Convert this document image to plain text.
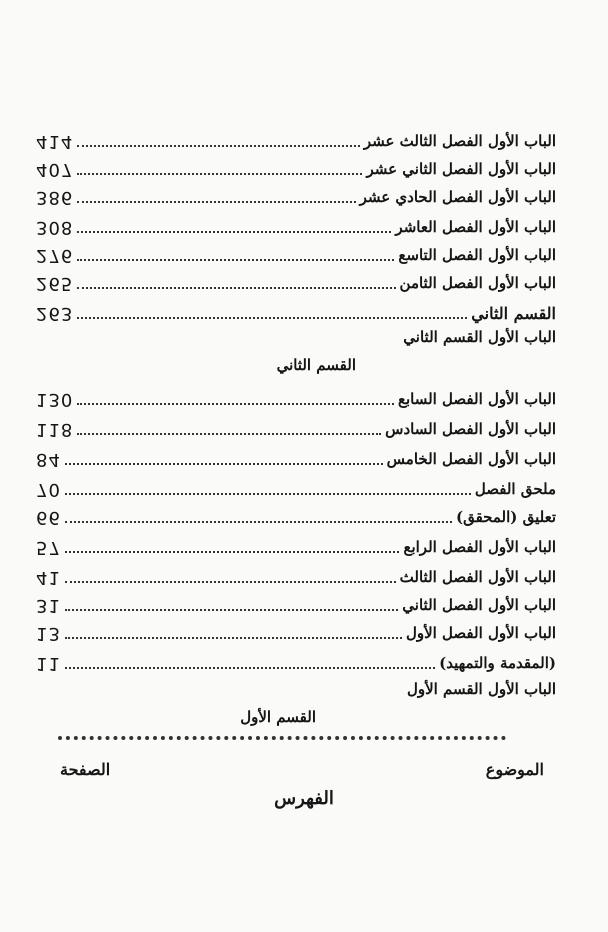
ﺍﻟﺒﺎﺏ ﺍﻷﻭﻝ ﺍﻟﻔﺼﻞ ﺍﻟﺜﺎﻟﺚ ﻋﺸﺮ
414
ﺍﻟﺒﺎﺏ ﺍﻷﻭﻝ ﺍﻟﻔﺼﻞ ﺍﻟﺜﺎﻧﻲ ﻋﺸﺮ
407
ﺍﻟﺒﺎﺏ ﺍﻷﻭﻝ ﺍﻟﻔﺼﻞ ﺍﻟﺤﺎﺩﻱ ﻋﺸﺮ
386
ﺍﻟﺒﺎﺏ ﺍﻷﻭﻝ ﺍﻟﻔﺼﻞ ﺍﻟﻌﺎﺷﺮ
308
ﺍﻟﺒﺎﺏ ﺍﻷﻭﻝ ﺍﻟﻔﺼﻞ ﺍﻟﺘﺎﺳﻊ
276
ﺍﻟﺒﺎﺏ ﺍﻷﻭﻝ ﺍﻟﻔﺼﻞ ﺍﻟﺜﺎﻣﻦ
265
ﺍﻟﻘﺴﻢ ﺍﻟﺜﺎﻧﻲ
263
ﺍﻟﺒﺎﺏ ﺍﻷﻭﻝ ﺍﻟﻘﺴﻢ ﺍﻟﺜﺎﻧﻲ
ﺍﻟﻘﺴﻢ ﺍﻟﺜﺎﻧﻲ
ﺍﻟﺒﺎﺏ ﺍﻷﻭﻝ ﺍﻟﻔﺼﻞ ﺍﻟﺴﺎﺑﻊ
130
ﺍﻟﺒﺎﺏ ﺍﻷﻭﻝ ﺍﻟﻔﺼﻞ ﺍﻟﺴﺎﺩﺱ
118
ﺍﻟﺒﺎﺏ ﺍﻷﻭﻝ ﺍﻟﻔﺼﻞ ﺍﻟﺨﺎﻣﺲ
84
ﻣﻠﺤﻖ ﺍﻟﻔﺼﻞ
70
ﺗﻌﻠﻴﻖ (ﺍﻟﻤﺤﻘﻖ)
66
ﺍﻟﺒﺎﺏ ﺍﻷﻭﻝ ﺍﻟﻔﺼﻞ ﺍﻟﺮﺍﺑﻊ
57
ﺍﻟﺒﺎﺏ ﺍﻷﻭﻝ ﺍﻟﻔﺼﻞ ﺍﻟﺜﺎﻟﺚ
41
ﺍﻟﺒﺎﺏ ﺍﻷﻭﻝ ﺍﻟﻔﺼﻞ ﺍﻟﺜﺎﻧﻲ
31
ﺍﻟﺒﺎﺏ ﺍﻷﻭﻝ ﺍﻟﻔﺼﻞ ﺍﻷﻭﻝ
13
(ﺍﻟﻤﻘﺪﻣﺔ ﻭﺍﻟﺘﻤﻬﻴﺪ)
11
ﺍﻟﺒﺎﺏ ﺍﻷﻭﻝ ﺍﻟﻘﺴﻢ ﺍﻷﻭﻝ
ﺍﻟﻘﺴﻢ ﺍﻷﻭﻝ
ﺍﻟﺼﻔﺤﺔ	ﺍﻟﻤﻮﺿﻮﻉ
ﺍﻟﻔﻬﺮﺱ
